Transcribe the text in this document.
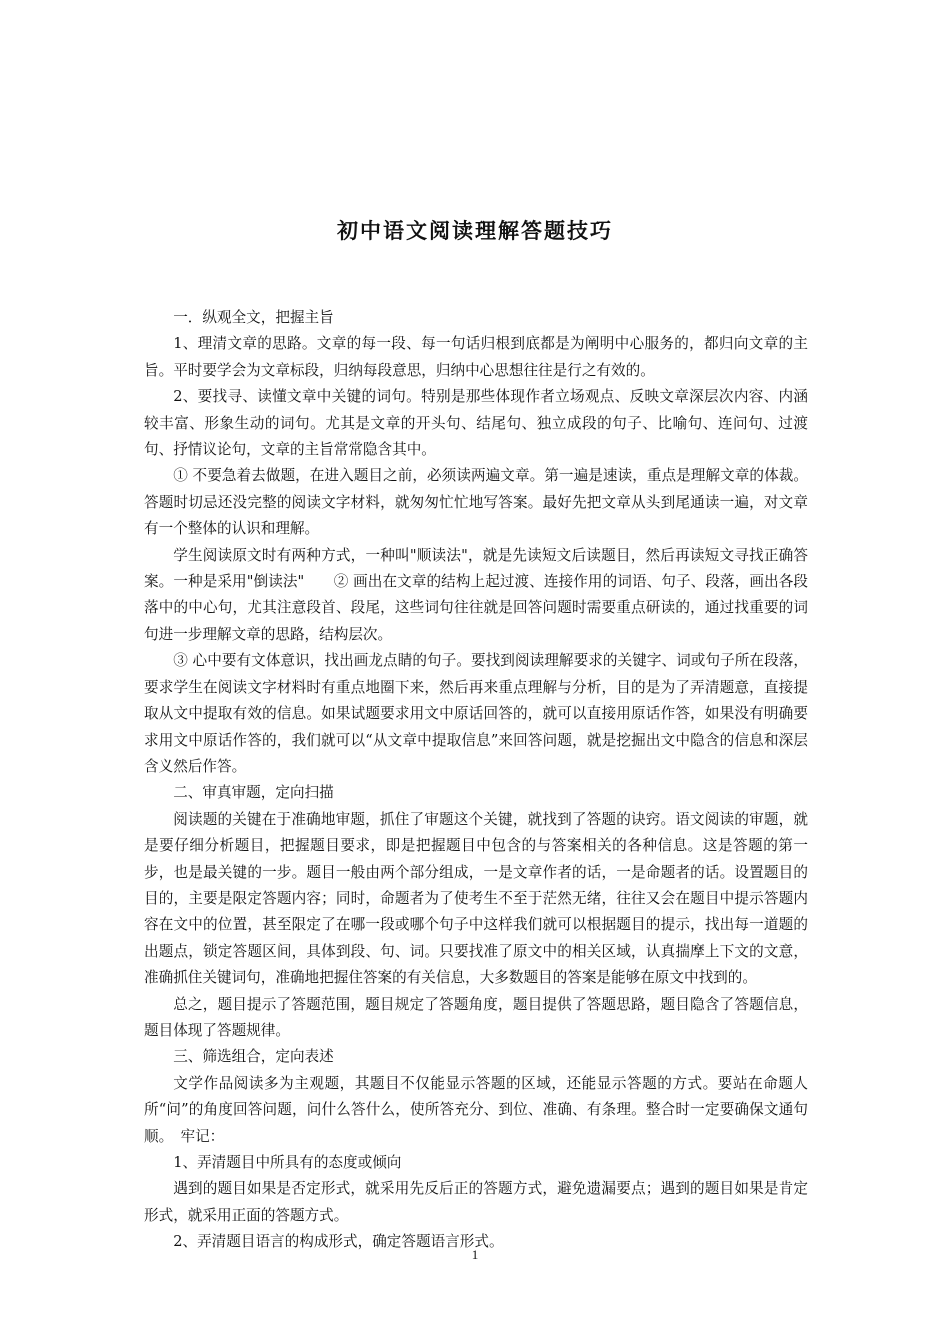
初中语文阅读理解答题技巧

一．纵观全文，把握主旨

1、理清文章的思路。文章的每一段、每一句话归根到底都是为阐明中心服务的，都归向文章的主旨。平时要学会为文章标段，归纳每段意思，归纳中心思想往往是行之有效的。

2、要找寻、读懂文章中关键的词句。特别是那些体现作者立场观点、反映文章深层次内容、内涵较丰富、形象生动的词句。尤其是文章的开头句、结尾句、独立成段的句子、比喻句、连问句、过渡句、抒情议论句，文章的主旨常常隐含其中。

① 不要急着去做题，在进入题目之前，必须读两遍文章。第一遍是速读，重点是理解文章的体裁。答题时切忌还没完整的阅读文字材料，就匆匆忙忙地写答案。最好先把文章从头到尾通读一遍，对文章有一个整体的认识和理解。

学生阅读原文时有两种方式，一种叫"顺读法"，就是先读短文后读题目，然后再读短文寻找正确答案。一种是采用"倒读法"　　② 画出在文章的结构上起过渡、连接作用的词语、句子、段落，画出各段落中的中心句，尤其注意段首、段尾，这些词句往往就是回答问题时需要重点研读的，通过找重要的词句进一步理解文章的思路，结构层次。

③ 心中要有文体意识，找出画龙点睛的句子。要找到阅读理解要求的关键字、词或句子所在段落，要求学生在阅读文字材料时有重点地圈下来，然后再来重点理解与分析，目的是为了弄清题意，直接提取从文中提取有效的信息。如果试题要求用文中原话回答的，就可以直接用原话作答，如果没有明确要求用文中原话作答的，我们就可以“从文章中提取信息”来回答问题，就是挖掘出文中隐含的信息和深层含义然后作答。

二、审真审题，定向扫描

阅读题的关键在于准确地审题，抓住了审题这个关键，就找到了答题的诀窍。语文阅读的审题，就是要仔细分析题目，把握题目要求，即是把握题目中包含的与答案相关的各种信息。这是答题的第一步，也是最关键的一步。题目一般由两个部分组成，一是文章作者的话，一是命题者的话。设置题目的目的，主要是限定答题内容；同时，命题者为了使考生不至于茫然无绪，往往又会在题目中提示答题内容在文中的位置，甚至限定了在哪一段或哪个句子中这样我们就可以根据题目的提示，找出每一道题的出题点，锁定答题区间，具体到段、句、词。只要找准了原文中的相关区域，认真揣摩上下文的文意，准确抓住关键词句，准确地把握住答案的有关信息，大多数题目的答案是能够在原文中找到的。

总之，题目提示了答题范围，题目规定了答题角度，题目提供了答题思路，题目隐含了答题信息，题目体现了答题规律。

三、筛选组合，定向表述

文学作品阅读多为主观题，其题目不仅能显示答题的区域，还能显示答题的方式。要站在命题人所“问”的角度回答问题，问什么答什么，使所答充分、到位、准确、有条理。整合时一定要确保文通句顺。　牢记：

1、弄清题目中所具有的态度或倾向

遇到的题目如果是否定形式，就采用先反后正的答题方式，避免遗漏要点；遇到的题目如果是肯定形式，就采用正面的答题方式。

2、弄清题目语言的构成形式，确定答题语言形式。

1
